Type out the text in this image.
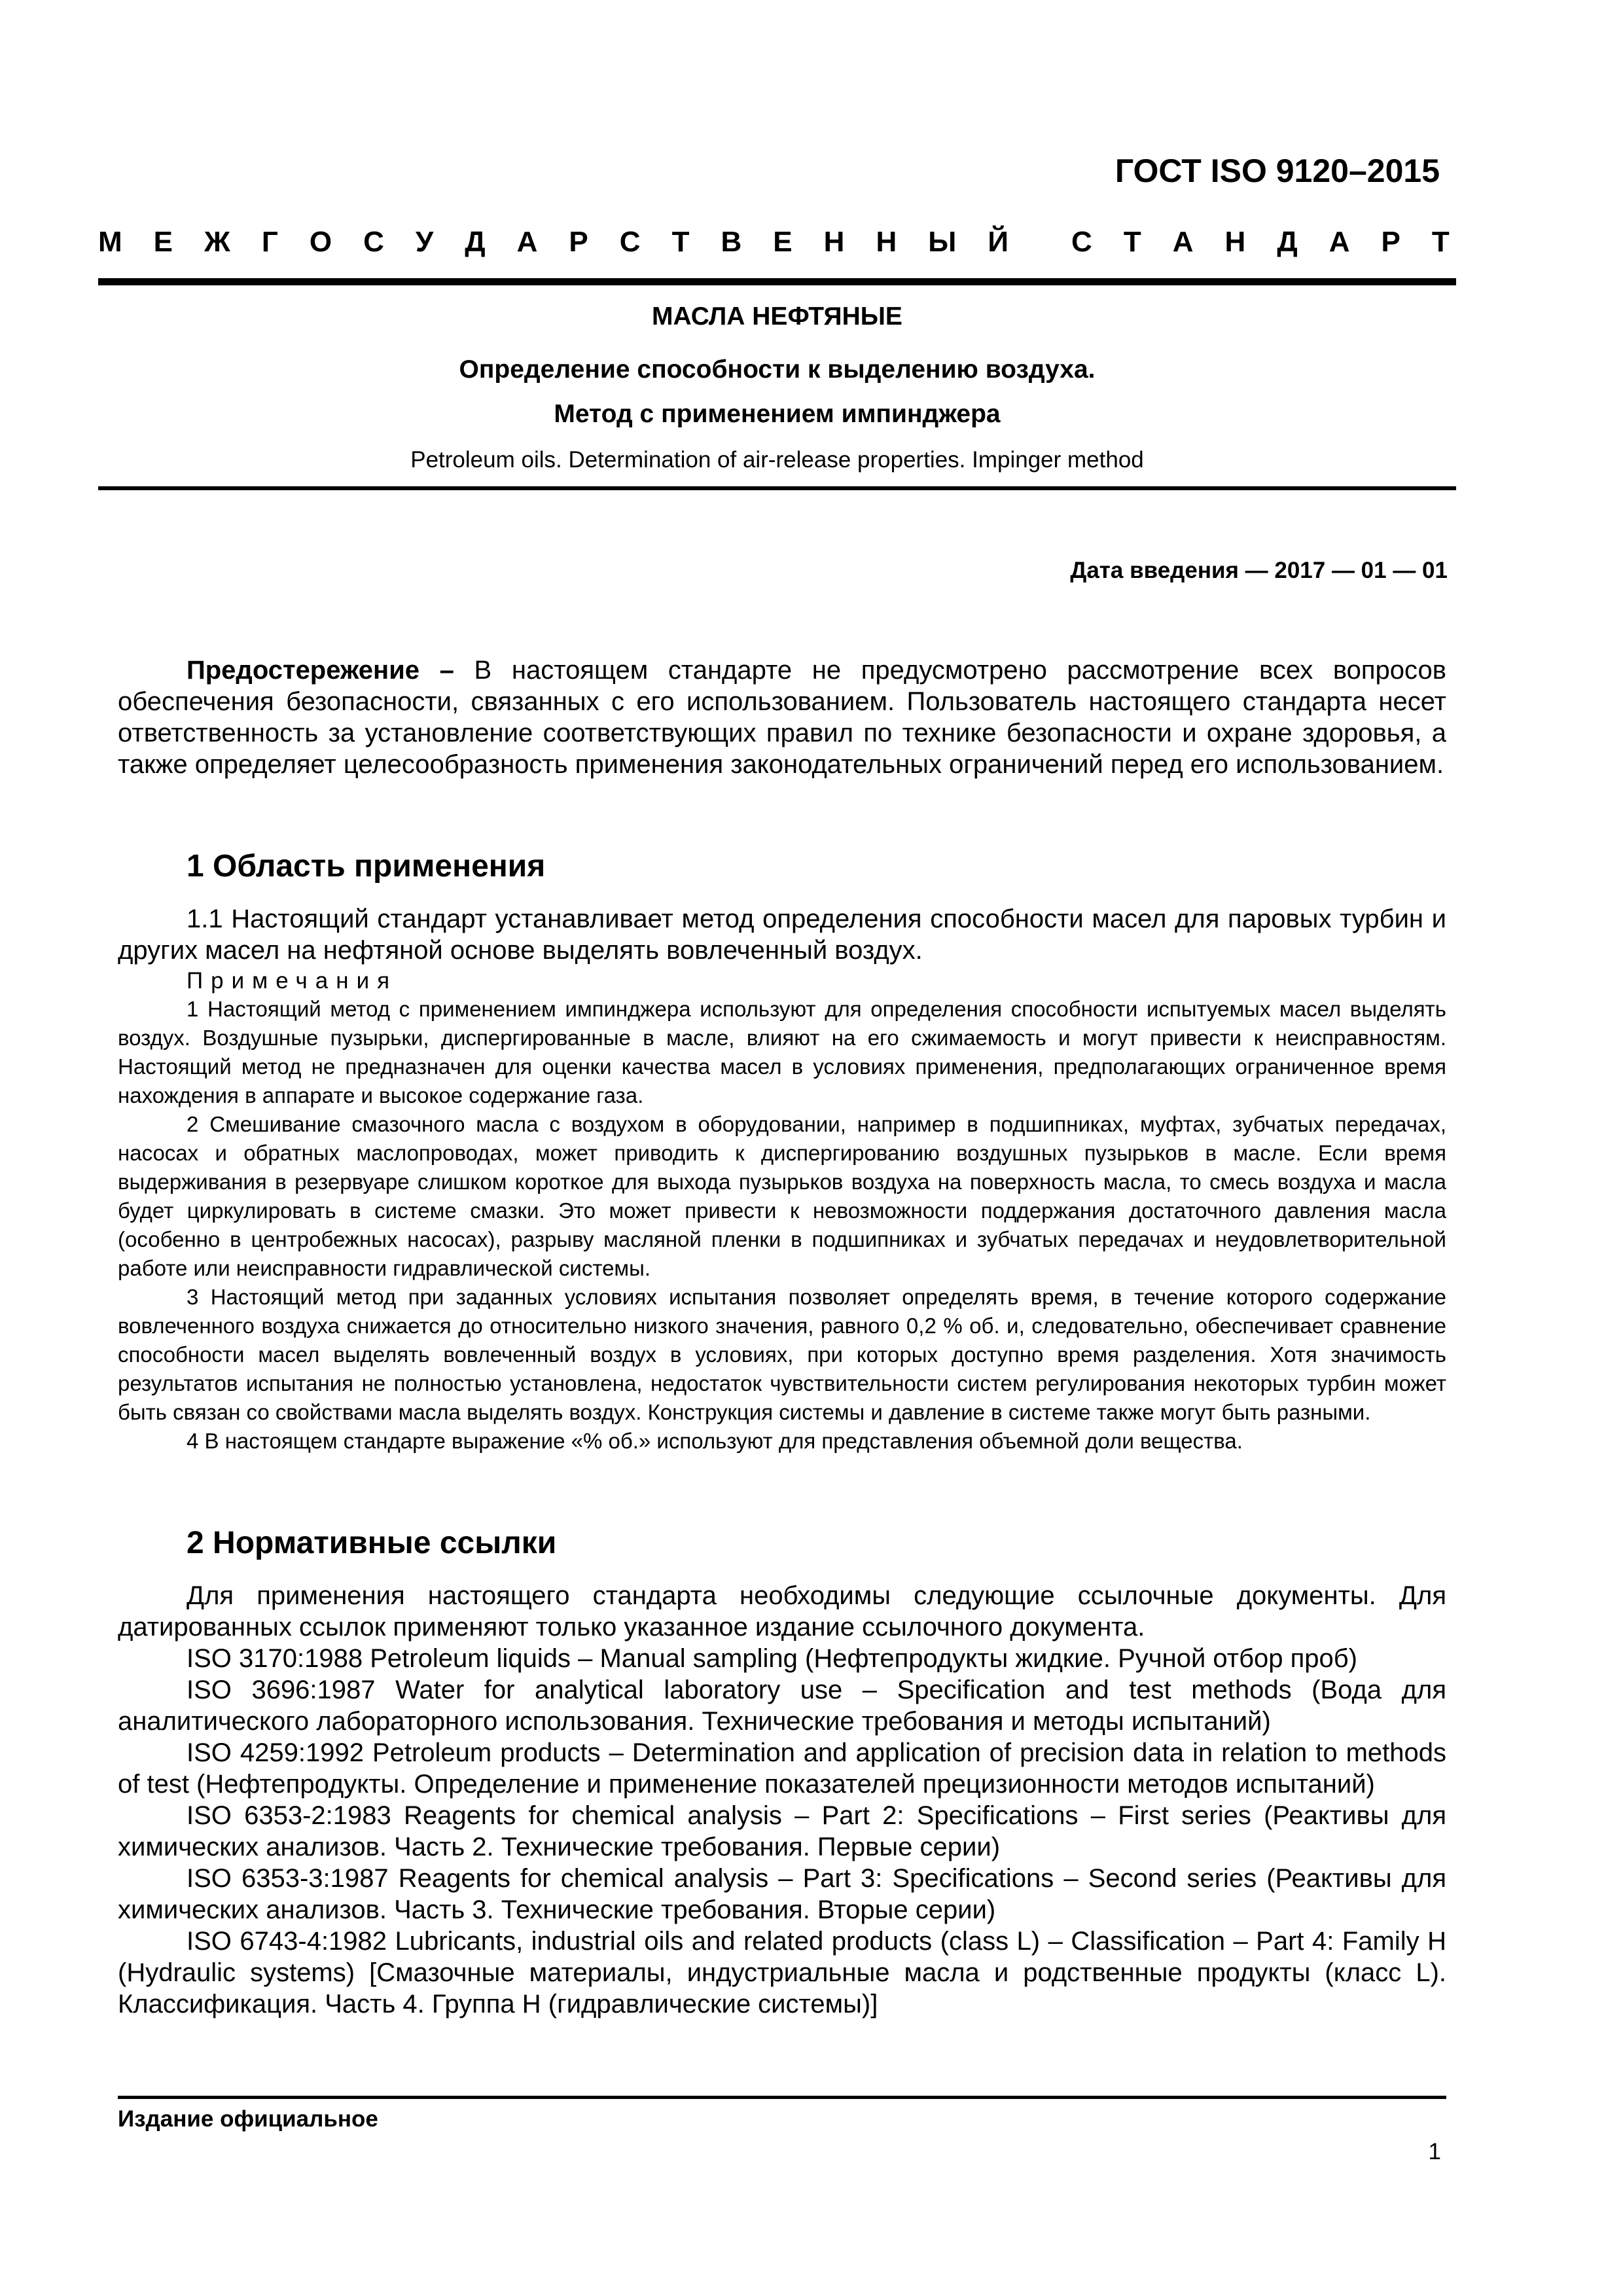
ГОСТ ISO 9120–2015
М Е Ж Г О С У Д А Р С Т В Е Н Н Ы Й С Т А Н Д А Р Т
МАСЛА НЕФТЯНЫЕ
Определение способности к выделению воздуха.
Метод с применением импинджера
Petroleum oils. Determination of air-release properties. Impinger method
Дата введения — 2017 — 01 — 01

Предостережение – В настоящем стандарте не предусмотрено рассмотрение всех вопросов обеспечения безопасности, связанных с его использованием. Пользователь настоящего стандарта несет ответственность за установление соответствующих правил по технике безопасности и охране здоровья, а также определяет целесообразность применения законодательных ограничений перед его использованием.

1 Область применения

1.1 Настоящий стандарт устанавливает метод определения способности масел для паровых турбин и других масел на нефтяной основе выделять вовлеченный воздух.

Примечания

1 Настоящий метод с применением импинджера используют для определения способности испытуемых масел выделять воздух. Воздушные пузырьки, диспергированные в масле, влияют на его сжимаемость и могут привести к неисправностям. Настоящий метод не предназначен для оценки качества масел в условиях применения, предполагающих ограниченное время нахождения в аппарате и высокое содержание газа.

2 Смешивание смазочного масла с воздухом в оборудовании, например в подшипниках, муфтах, зубчатых передачах, насосах и обратных маслопроводах, может приводить к диспергированию воздушных пузырьков в масле. Если время выдерживания в резервуаре слишком короткое для выхода пузырьков воздуха на поверхность масла, то смесь воздуха и масла будет циркулировать в системе смазки. Это может привести к невозможности поддержания достаточного давления масла (особенно в центробежных насосах), разрыву масляной пленки в подшипниках и зубчатых передачах и неудовлетворительной работе или неисправности гидравлической системы.

3 Настоящий метод при заданных условиях испытания позволяет определять время, в течение которого содержание вовлеченного воздуха снижается до относительно низкого значения, равного 0,2 % об. и, следовательно, обеспечивает сравнение способности масел выделять вовлеченный воздух в условиях, при которых доступно время разделения. Хотя значимость результатов испытания не полностью установлена, недостаток чувствительности систем регулирования некоторых турбин может быть связан со свойствами масла выделять воздух. Конструкция системы и давление в системе также могут быть разными.

4 В настоящем стандарте выражение «% об.» используют для представления объемной доли вещества.

2 Нормативные ссылки

Для применения настоящего стандарта необходимы следующие ссылочные документы. Для датированных ссылок применяют только указанное издание ссылочного документа.

ISO 3170:1988 Petroleum liquids – Manual sampling (Нефтепродукты жидкие. Ручной отбор проб)

ISO 3696:1987 Water for analytical laboratory use – Specification and test methods (Вода для аналитического лабораторного использования. Технические требования и методы испытаний)

ISO 4259:1992 Petroleum products – Determination and application of precision data in relation to methods of test (Нефтепродукты. Определение и применение показателей прецизионности методов испытаний)

ISO 6353-2:1983 Reagents for chemical analysis – Part 2: Specifications – First series (Реактивы для химических анализов. Часть 2. Технические требования. Первые серии)

ISO 6353-3:1987 Reagents for chemical analysis – Part 3: Specifications – Second series (Реактивы для химических анализов. Часть 3. Технические требования. Вторые серии)

ISO 6743-4:1982 Lubricants, industrial oils and related products (class L) – Classification – Part 4: Family H (Hydraulic systems) [Смазочные материалы, индустриальные масла и родственные продукты (класс L). Классификация. Часть 4. Группа H (гидравлические системы)]

Издание официальное
1
